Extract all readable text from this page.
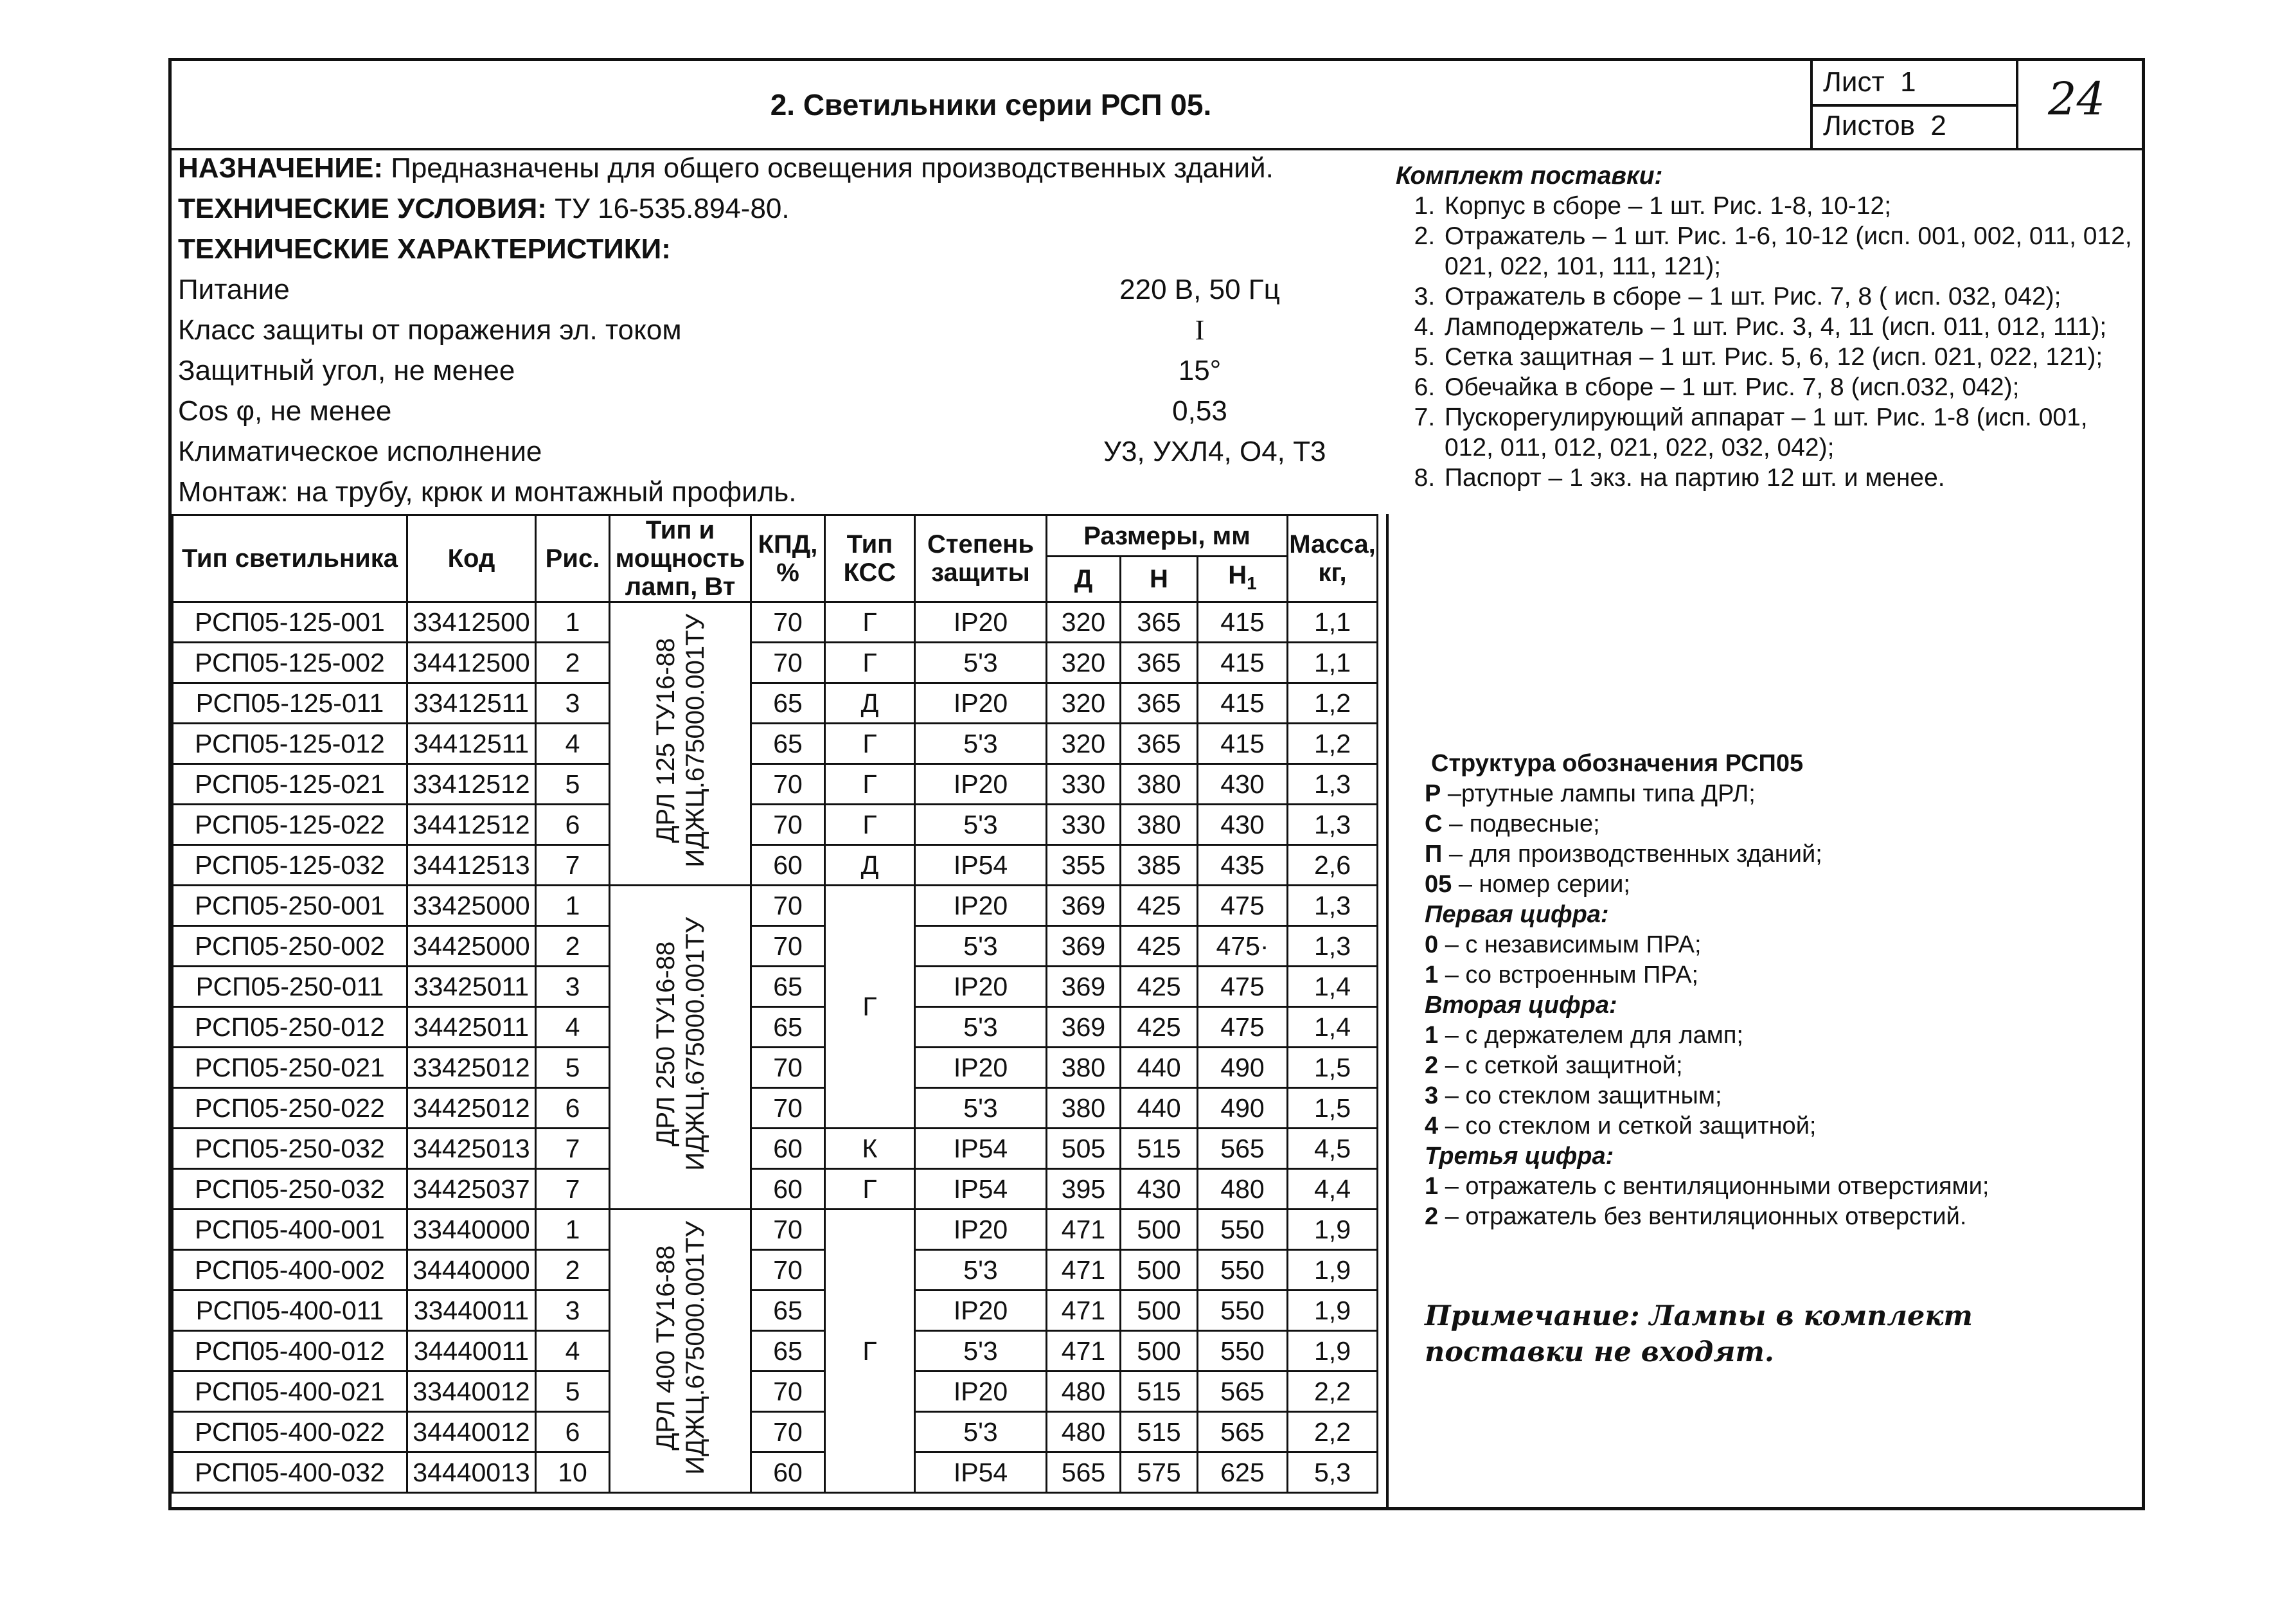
2. Светильники серии РСП 05.
Лист 1
Листов 2
24
НАЗНАЧЕНИЕ: Предназначены для общего освещения производственных зданий.
ТЕХНИЧЕСКИЕ УСЛОВИЯ: ТУ 16-535.894-80.
ТЕХНИЧЕСКИЕ ХАРАКТЕРИСТИКИ:
Питание	220 В, 50 Гц
Класс защиты от поражения эл. током	I
Защитный угол, не менее	15°
Cos φ, не менее	0,53
Климатическое исполнение	У3, УХЛ4, О4, Т3
Монтаж: на трубу, крюк и монтажный профиль.
Тип светильника	Код	Рис.	Тип и мощность ламп, Вт	КПД, %	Тип КСС	Степень защиты	Размеры, мм			Масса, кг,
							Д	Н	$Н_1$
РСП05-125-001	33412500	1	ДРЛ 125 ТУ16-88 ИДЖЦ.675000.001ТУ	70	Г	IP20	320	365	415	1,1
РСП05-125-002	34412500	2		70	Г	5'3	320	365	415	1,1
РСП05-125-011	33412511	3		65	Д	IP20	320	365	415	1,2
РСП05-125-012	34412511	4		65	Г	5'3	320	365	415	1,2
РСП05-125-021	33412512	5		70	Г	IP20	330	380	430	1,3
РСП05-125-022	34412512	6		70	Г	5'3	330	380	430	1,3
РСП05-125-032	34412513	7		60	Д	IP54	355	385	435	2,6
РСП05-250-001	33425000	1	ДРЛ 250 ТУ16-88 ИДЖЦ.675000.001ТУ	70	Г	IP20	369	425	475	1,3
РСП05-250-002	34425000	2		70		5'3	369	425	475·	1,3
РСП05-250-011	33425011	3		65		IP20	369	425	475	1,4
РСП05-250-012	34425011	4		65		5'3	369	425	475	1,4
РСП05-250-021	33425012	5		70		IP20	380	440	490	1,5
РСП05-250-022	34425012	6		70		5'3	380	440	490	1,5
РСП05-250-032	34425013	7		60	К	IP54	505	515	565	4,5
РСП05-250-032	34425037	7		60	Г	IP54	395	430	480	4,4
РСП05-400-001	33440000	1	ДРЛ 400 ТУ16-88 ИДЖЦ.675000.001ТУ	70	Г	IP20	471	500	550	1,9
РСП05-400-002	34440000	2		70		5'3	471	500	550	1,9
РСП05-400-011	33440011	3		65		IP20	471	500	550	1,9
РСП05-400-012	34440011	4		65		5'3	471	500	550	1,9
РСП05-400-021	33440012	5		70		IP20	480	515	565	2,2
РСП05-400-022	34440012	6		70		5'3	480	515	565	2,2
РСП05-400-032	34440013	10		60		IP54	565	575	625	5,3
Комплект поставки:
1. Корпус в сборе – 1 шт. Рис. 1-8, 10-12;
2. Отражатель – 1 шт. Рис. 1-6, 10-12 (исп. 001, 002, 011, 012, 021, 022, 101, 111, 121);
3. Отражатель в сборе – 1 шт. Рис. 7, 8 ( исп. 032, 042);
4. Ламподержатель – 1 шт. Рис. 3, 4, 11 (исп. 011, 012, 111);
5. Сетка защитная – 1 шт. Рис. 5, 6, 12 (исп. 021, 022, 121);
6. Обечайка в сборе – 1 шт. Рис. 7, 8 (исп.032, 042);
7. Пускорегулирующий аппарат – 1 шт. Рис. 1-8 (исп. 001, 012, 011, 012, 021, 022, 032, 042);
8. Паспорт – 1 экз. на партию 12 шт. и менее.
Структура обозначения РСП05
Р –ртутные лампы типа ДРЛ;
С – подвесные;
П – для производственных зданий;
05 – номер серии;
Первая цифра:
0 – с независимым ПРА;
1 – со встроенным ПРА;
Вторая цифра:
1 – с держателем для ламп;
2 – с сеткой защитной;
3 – со стеклом защитным;
4 – со стеклом и сеткой защитной;
Третья цифра:
1 – отражатель с вентиляционными отверстиями;
2 – отражатель без вентиляционных отверстий.
Примечание: Лампы в комплект поставки не входят.
